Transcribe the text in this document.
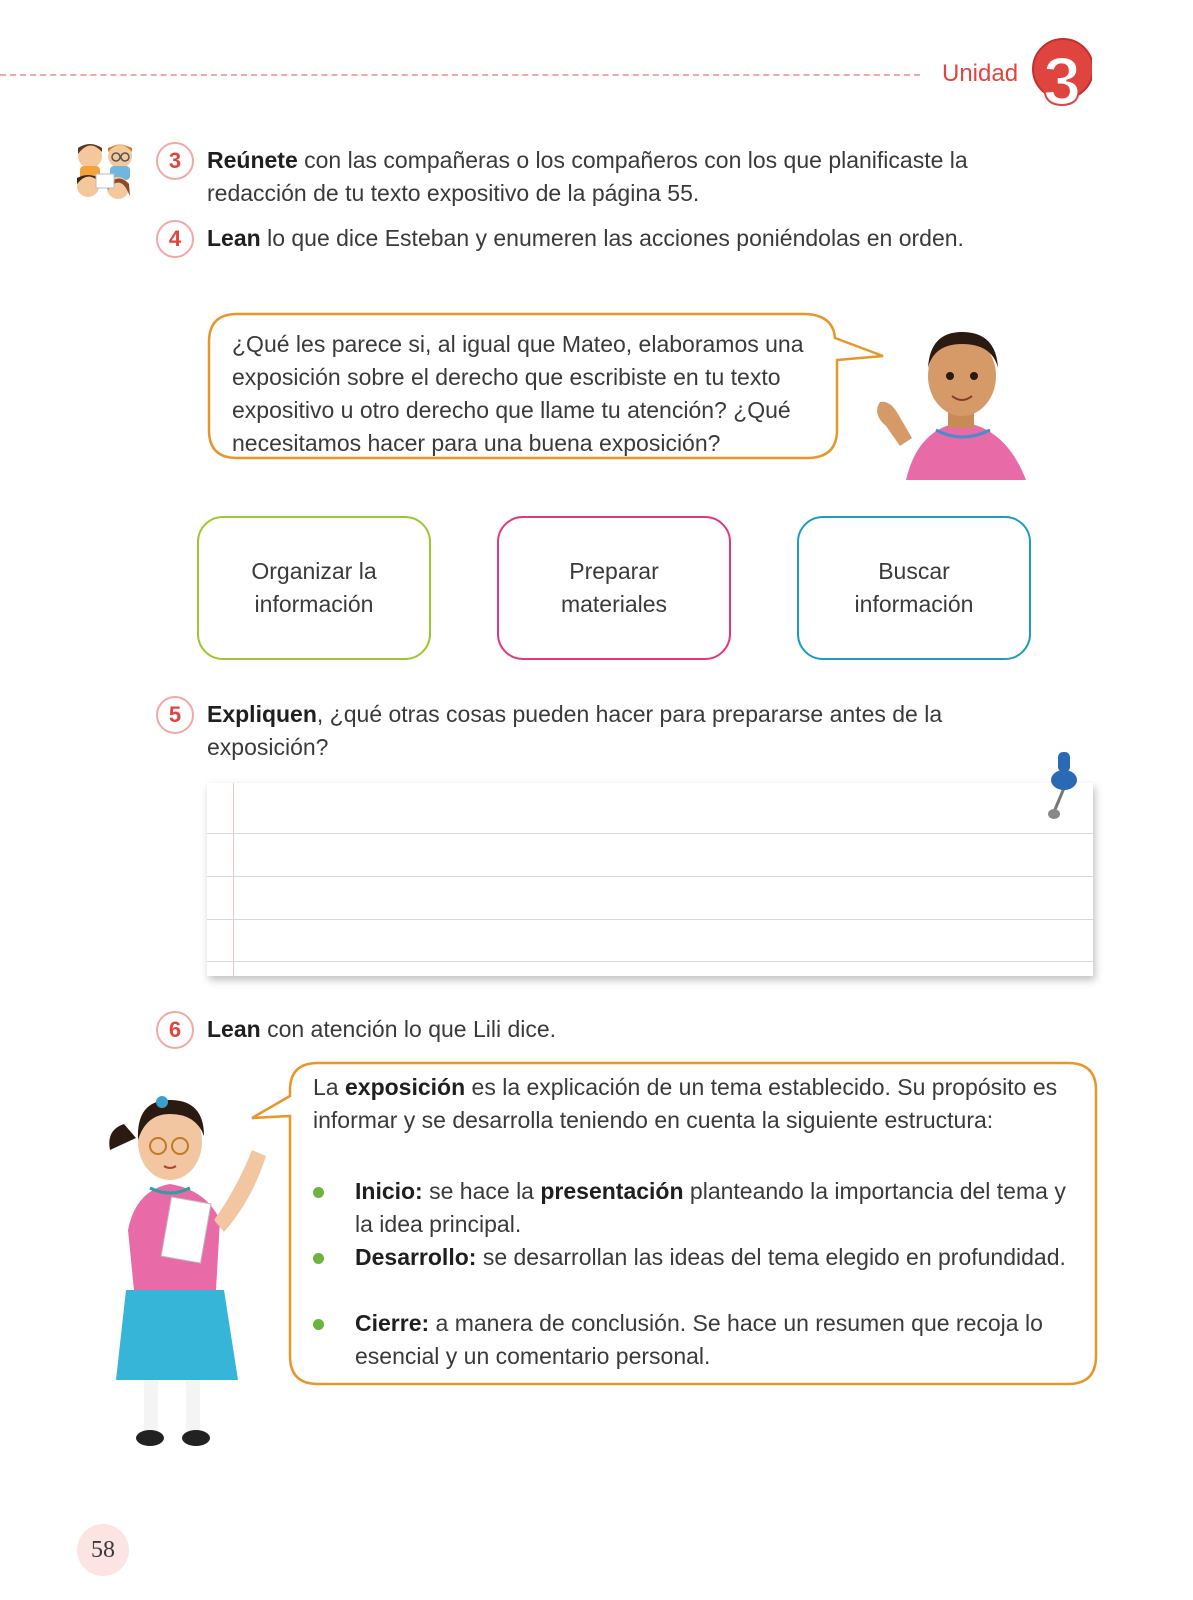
Unidad 3
3	Reúnete con las compañeras o los compañeros con los que planificaste la redacción de tu texto expositivo de la página 55.
4	Lean lo que dice Esteban y enumeren las acciones poniéndolas en orden.
¿Qué les parece si, al igual que Mateo, elaboramos una exposición sobre el derecho que escribiste en tu texto expositivo u otro derecho que llame tu atención? ¿Qué necesitamos hacer para una buena exposición?
Organizar la información
Preparar materiales
Buscar información
5	Expliquen, ¿qué otras cosas pueden hacer para prepararse antes de la exposición?
6	Lean con atención lo que Lili dice.
La exposición es la explicación de un tema establecido. Su propósito es informar y se desarrolla teniendo en cuenta la siguiente estructura:
Inicio: se hace la presentación planteando la importancia del tema y la idea principal.
Desarrollo: se desarrollan las ideas del tema elegido en profundidad.
Cierre: a manera de conclusión. Se hace un resumen que recoja lo esencial y un comentario personal.
58
